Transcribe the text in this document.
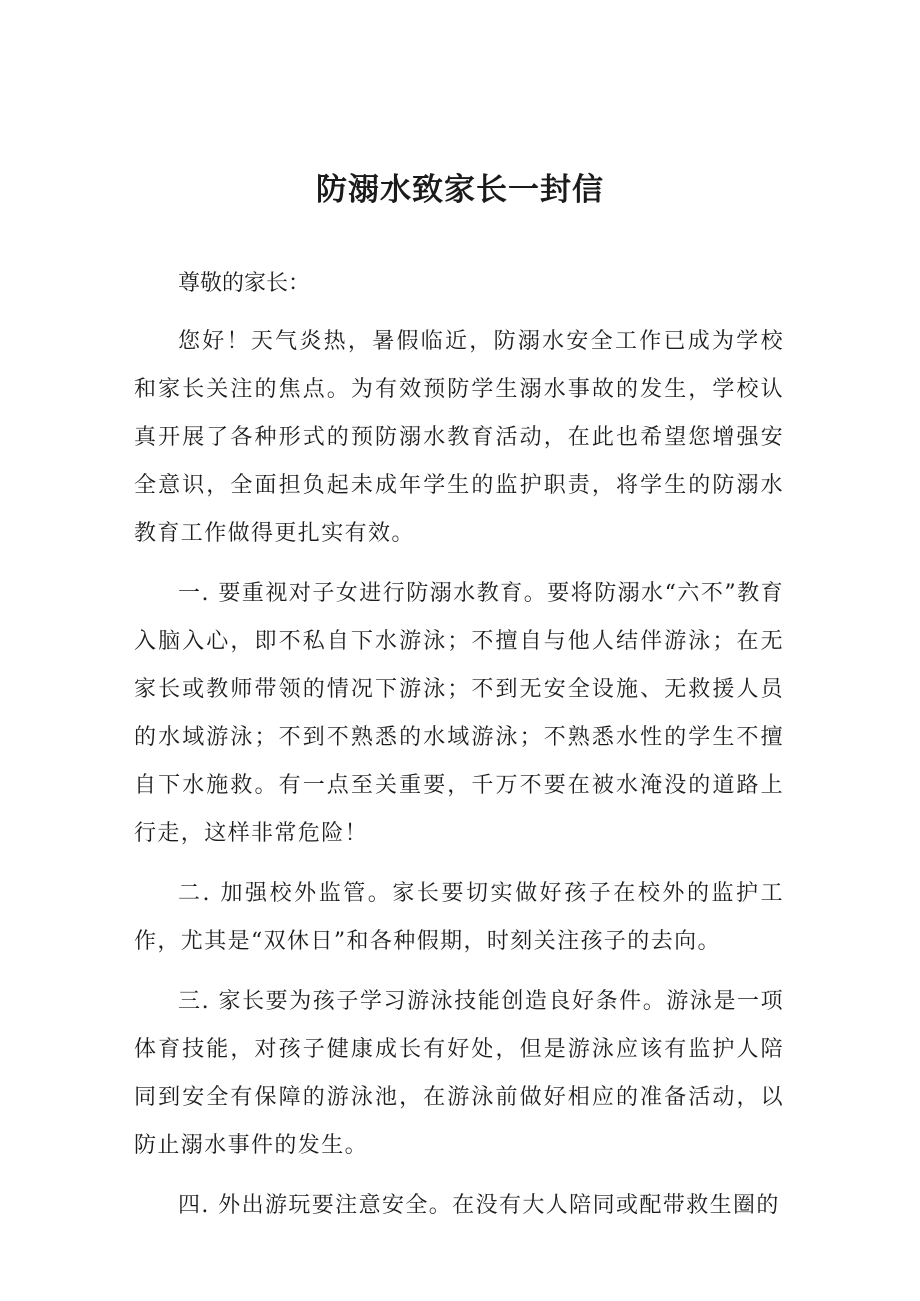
防溺水致家长一封信

尊敬的家长：

您好！天气炎热，暑假临近，防溺水安全工作已成为学校和家长关注的焦点。为有效预防学生溺水事故的发生，学校认真开展了各种形式的预防溺水教育活动，在此也希望您增强安全意识，全面担负起未成年学生的监护职责，将学生的防溺水教育工作做得更扎实有效。

一. 要重视对子女进行防溺水教育。要将防溺水“六不”教育入脑入心，即不私自下水游泳；不擅自与他人结伴游泳；在无家长或教师带领的情况下游泳；不到无安全设施、无救援人员的水域游泳；不到不熟悉的水域游泳；不熟悉水性的学生不擅自下水施救。有一点至关重要，千万不要在被水淹没的道路上行走，这样非常危险！

二. 加强校外监管。家长要切实做好孩子在校外的监护工作，尤其是“双休日”和各种假期，时刻关注孩子的去向。

三. 家长要为孩子学习游泳技能创造良好条件。游泳是一项体育技能，对孩子健康成长有好处，但是游泳应该有监护人陪同到安全有保障的游泳池，在游泳前做好相应的准备活动，以防止溺水事件的发生。

四. 外出游玩要注意安全。在没有大人陪同或配带救生圈的
